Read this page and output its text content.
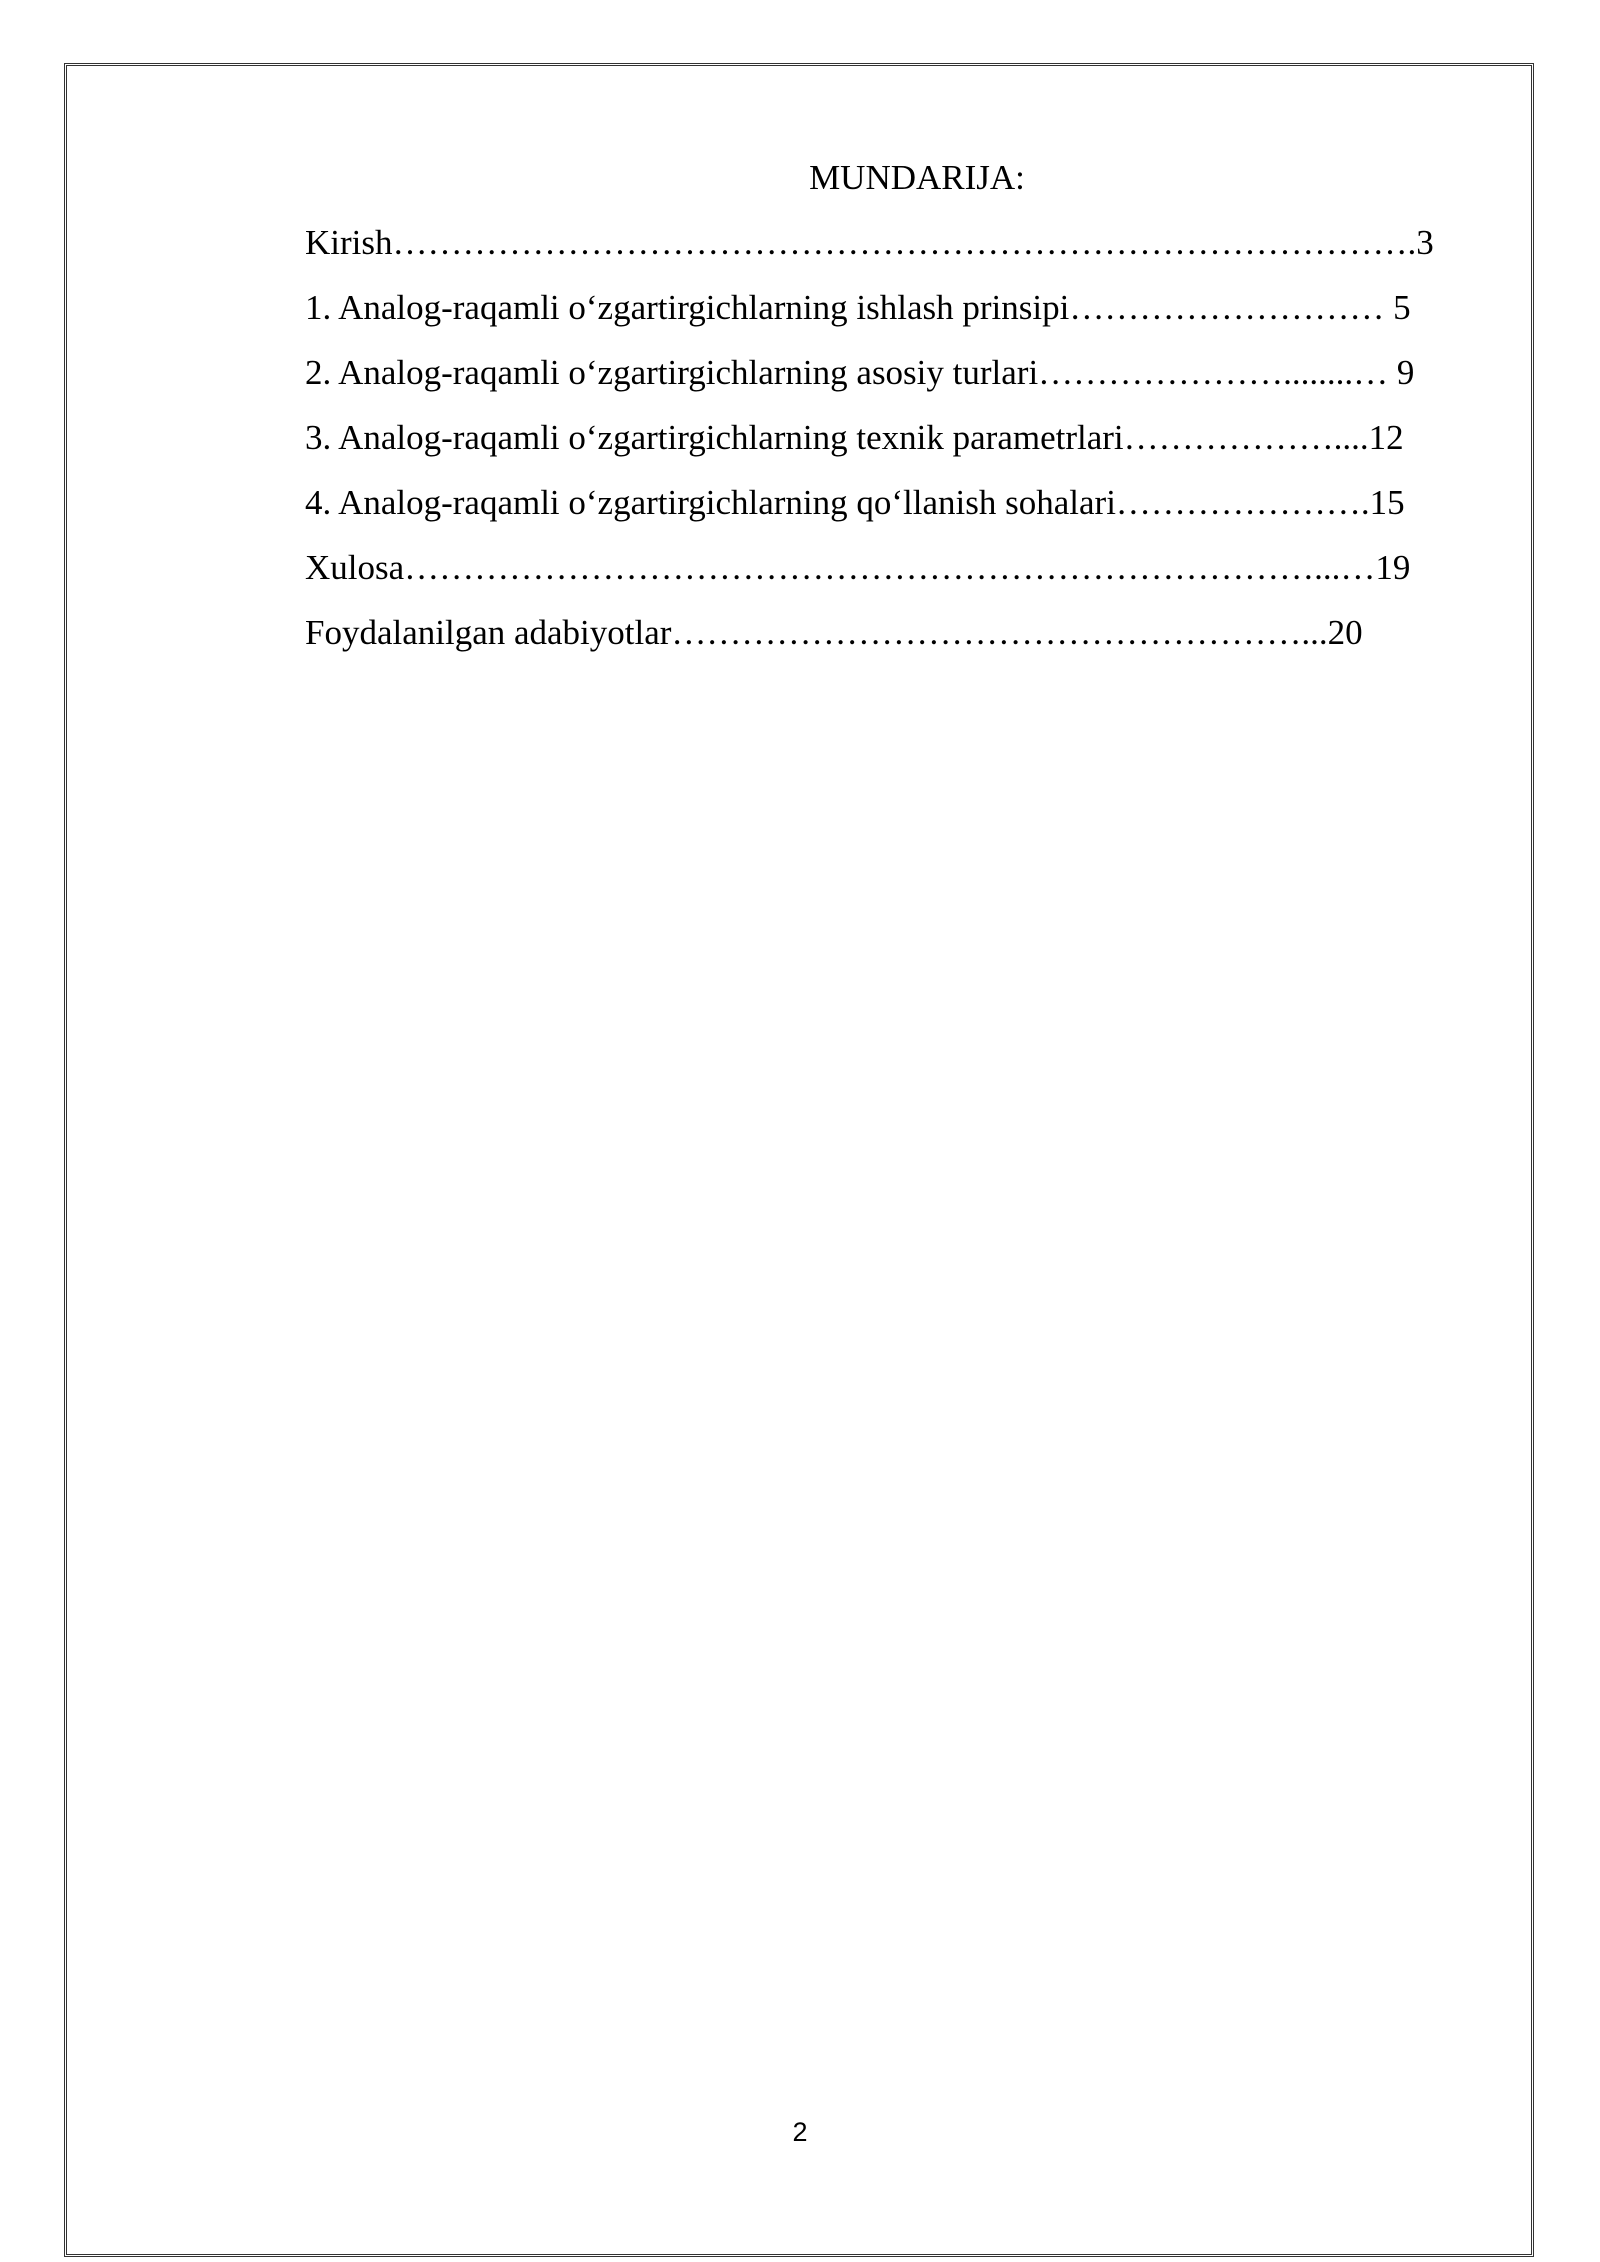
MUNDARIJA:

Kirish…………………………………………………………………………….3

1. Analog-raqamli o‘zgartirgichlarning ishlash prinsipi……………………… 5

2. Analog-raqamli o‘zgartirgichlarning asosiy turlari…………………........… 9

3. Analog-raqamli o‘zgartirgichlarning texnik parametrlari………………....12

4. Analog-raqamli o‘zgartirgichlarning qo‘llanish sohalari………………….15

Xulosa……………………………………………………………………...…19

Foydalanilgan adabiyotlar………………………………………………...20

2
